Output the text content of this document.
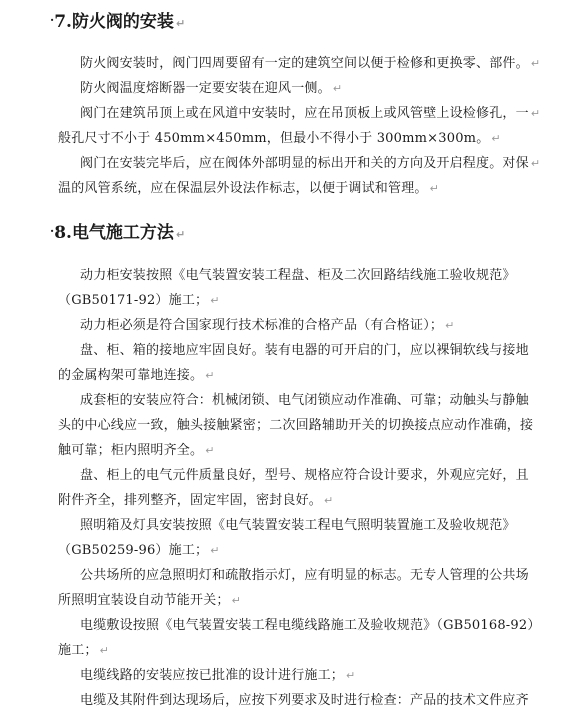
·7.防火阀的安装 ↵
防火阀安装时，阀门四周要留有一定的建筑空间以便于检修和更换零、部件。 ↵
防火阀温度熔断器一定要安装在迎风一侧。 ↵
阀门在建筑吊顶上或在风道中安装时，应在吊顶板上或风管壁上设检修孔，一 ↵
般孔尺寸不小于 450mm×450mm，但最小不得小于 300mm×300m。 ↵
阀门在安装完毕后，应在阀体外部明显的标出开和关的方向及开启程度。对保 ↵
温的风管系统，应在保温层外设法作标志，以便于调试和管理。 ↵
·8.电气施工方法 ↵
动力柜安装按照《电气装置安装工程盘、柜及二次回路结线施工验收规范》
（GB50171-92）施工； ↵
动力柜必须是符合国家现行技术标准的合格产品（有合格证）； ↵
盘、柜、箱的接地应牢固良好。装有电器的可开启的门，应以裸铜软线与接地
的金属构架可靠地连接。 ↵
成套柜的安装应符合：机械闭锁、电气闭锁应动作准确、可靠；动触头与静触
头的中心线应一致，触头接触紧密；二次回路辅助开关的切换接点应动作准确，接
触可靠；柜内照明齐全。 ↵
盘、柜上的电气元件质量良好，型号、规格应符合设计要求，外观应完好，且
附件齐全，排列整齐，固定牢固，密封良好。 ↵
照明箱及灯具安装按照《电气装置安装工程电气照明装置施工及验收规范》
（GB50259-96）施工； ↵
公共场所的应急照明灯和疏散指示灯，应有明显的标志。无专人管理的公共场
所照明宜装设自动节能开关； ↵
电缆敷设按照《电气装置安装工程电缆线路施工及验收规范》（GB50168-92）
施工； ↵
电缆线路的安装应按已批准的设计进行施工； ↵
电缆及其附件到达现场后，应按下列要求及时进行检查：产品的技术文件应齐
